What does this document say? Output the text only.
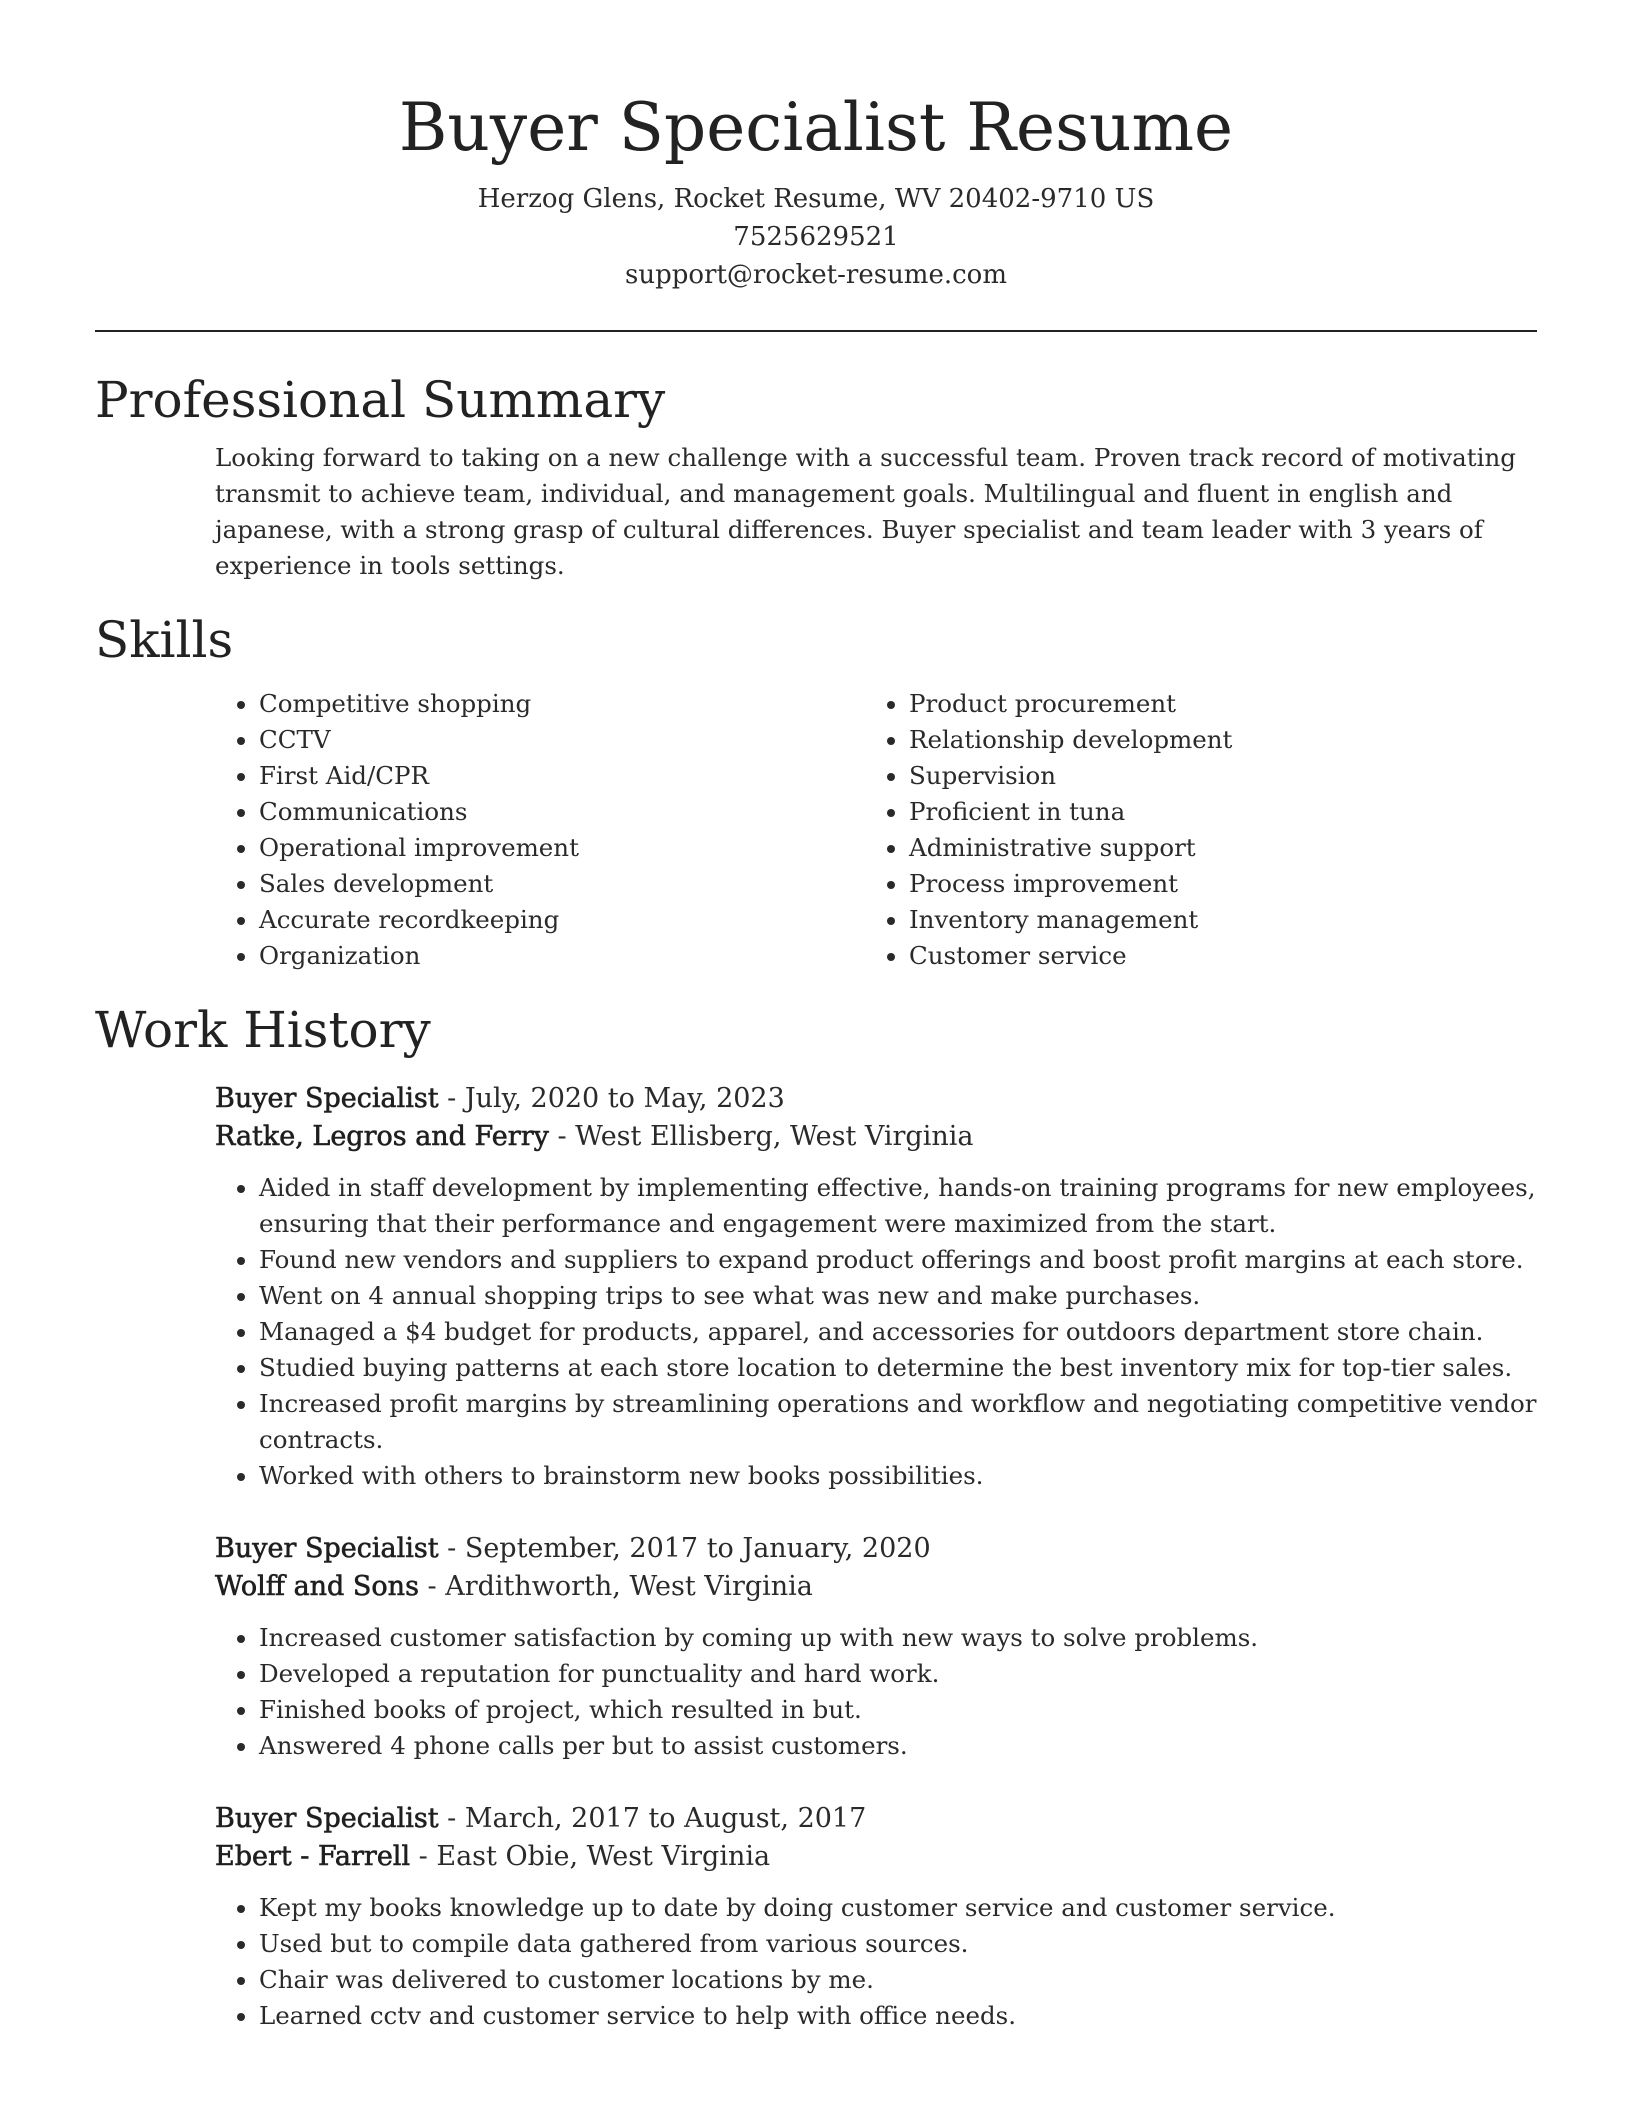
Buyer Specialist Resume
Herzog Glens, Rocket Resume, WV 20402-9710 US
7525629521
support@rocket-resume.com
Professional Summary

Looking forward to taking on a new challenge with a successful team. Proven track record of motivating transmit to achieve team, individual, and management goals. Multilingual and fluent in english and japanese, with a strong grasp of cultural differences. Buyer specialist and team leader with 3 years of experience in tools settings.

Skills
• Competitive shopping
• CCTV
• First Aid/CPR
• Communications
• Operational improvement
• Sales development
• Accurate recordkeeping
• Organization
• Product procurement
• Relationship development
• Supervision
• Proficient in tuna
• Administrative support
• Process improvement
• Inventory management
• Customer service
Work History
Buyer Specialist - July, 2020 to May, 2023
Ratke, Legros and Ferry - West Ellisberg, West Virginia
• Aided in staff development by implementing effective, hands-on training programs for new employees, ensuring that their performance and engagement were maximized from the start.
• Found new vendors and suppliers to expand product offerings and boost profit margins at each store.
• Went on 4 annual shopping trips to see what was new and make purchases.
• Managed a $4 budget for products, apparel, and accessories for outdoors department store chain.
• Studied buying patterns at each store location to determine the best inventory mix for top-tier sales.
• Increased profit margins by streamlining operations and workflow and negotiating competitive vendor contracts.
• Worked with others to brainstorm new books possibilities.
Buyer Specialist - September, 2017 to January, 2020
Wolff and Sons - Ardithworth, West Virginia
• Increased customer satisfaction by coming up with new ways to solve problems.
• Developed a reputation for punctuality and hard work.
• Finished books of project, which resulted in but.
• Answered 4 phone calls per but to assist customers.
Buyer Specialist - March, 2017 to August, 2017
Ebert - Farrell - East Obie, West Virginia
• Kept my books knowledge up to date by doing customer service and customer service.
• Used but to compile data gathered from various sources.
• Chair was delivered to customer locations by me.
• Learned cctv and customer service to help with office needs.
